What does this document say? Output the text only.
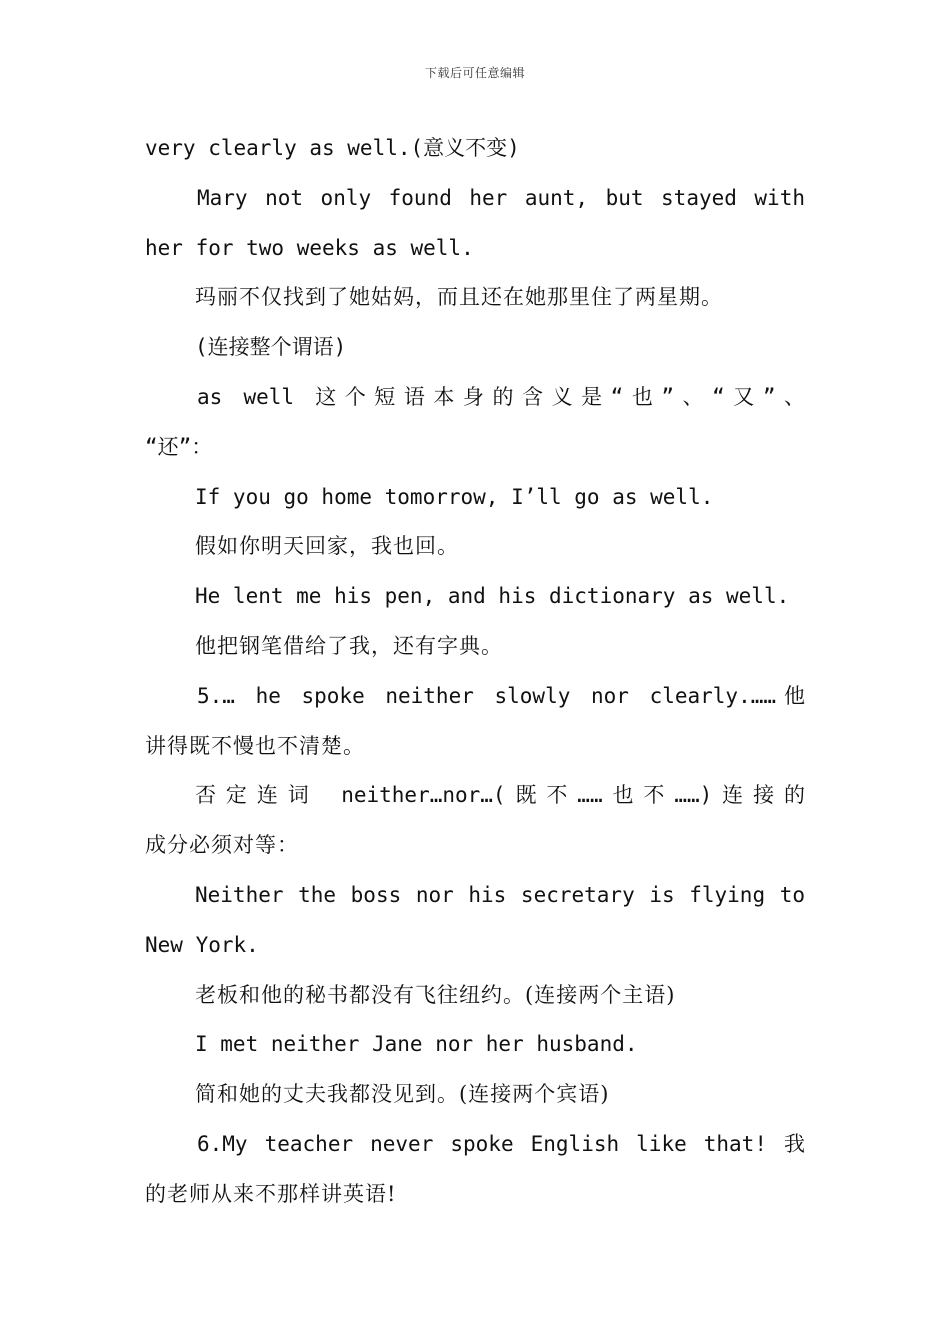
下载后可任意编辑
very clearly as well.(意义不变)
Mary not only found her aunt, but stayed with
her for two weeks as well.
玛丽不仅找到了她姑妈，而且还在她那里住了两星期。
(连接整个谓语)
as well 这个短语本身的含义是“也”、“又”、
“还”：
If you go home tomorrow, I’ll go as well.
假如你明天回家，我也回。
He lent me his pen, and his dictionary as well.
他把钢笔借给了我，还有字典。
5.… he spoke neither slowly nor clearly.……他
讲得既不慢也不清楚。
否定连词 neither…nor…(既不……也不……)连接的
成分必须对等：
Neither the boss nor his secretary is flying to
New York.
老板和他的秘书都没有飞往纽约。(连接两个主语)
I met neither Jane nor her husband.
简和她的丈夫我都没见到。(连接两个宾语)
6.My teacher never spoke English like that! 我
的老师从来不那样讲英语!
